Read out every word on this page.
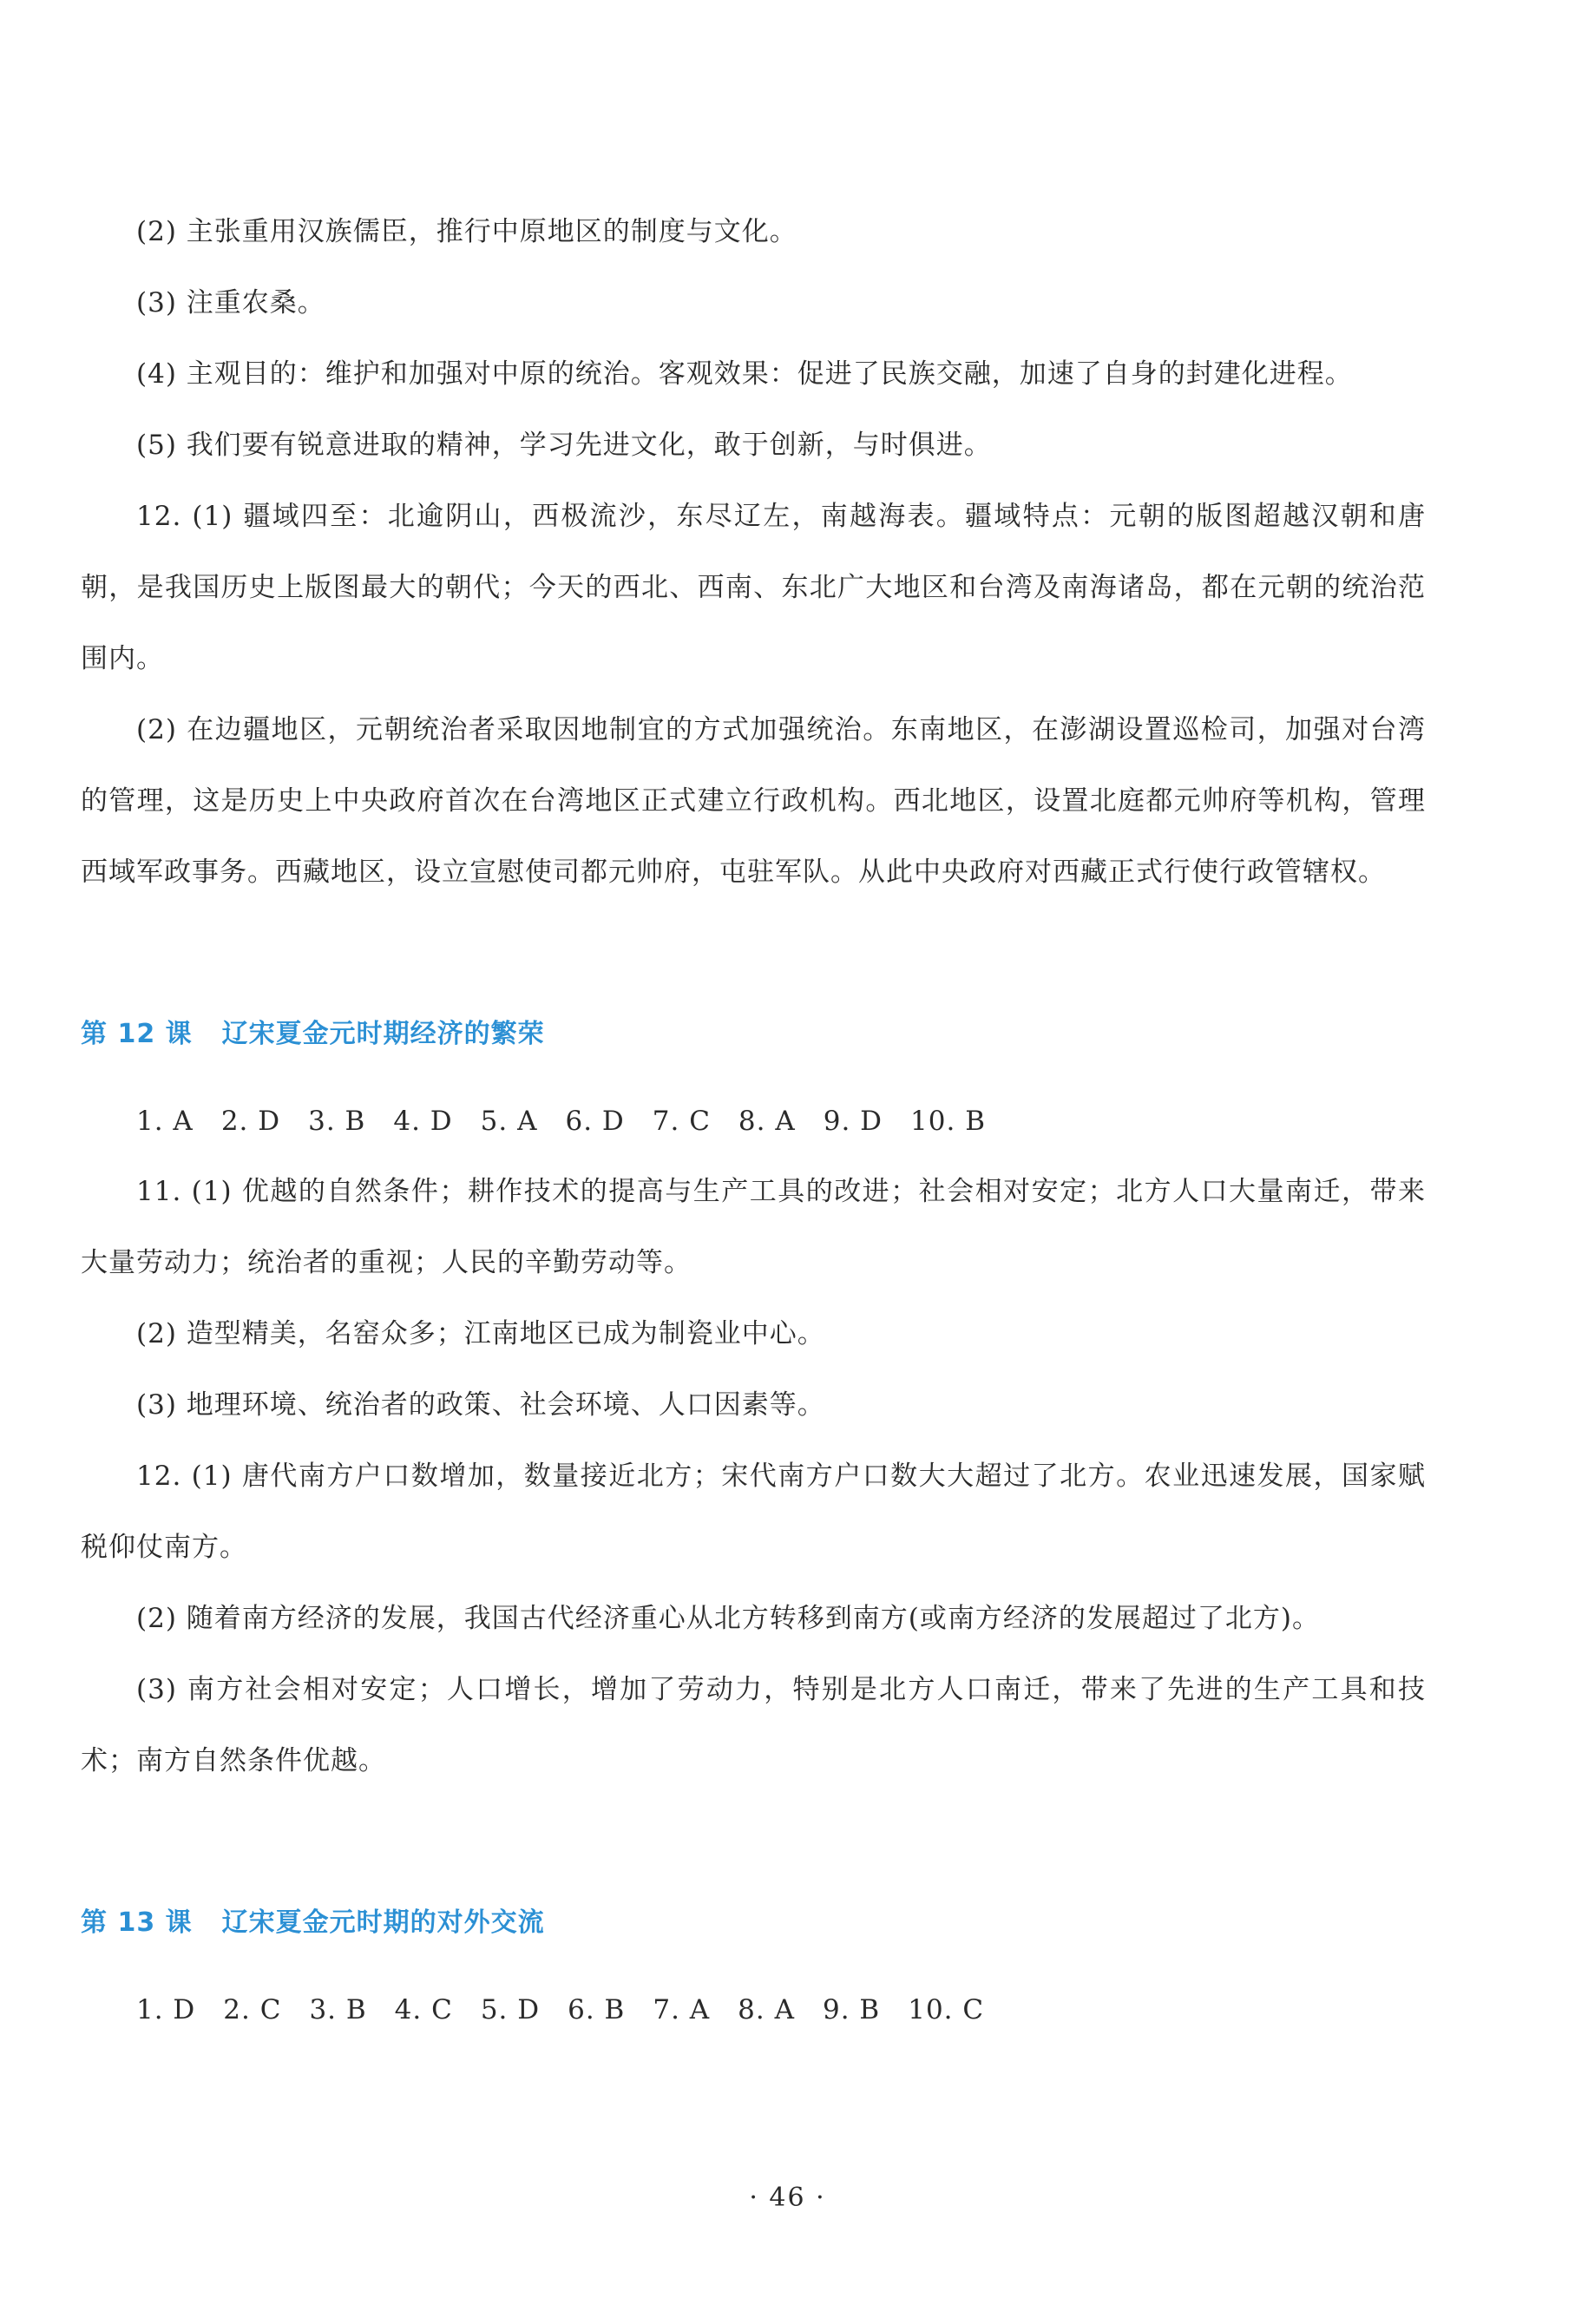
(2) 主张重用汉族儒臣，推行中原地区的制度与文化。

(3) 注重农桑。

(4) 主观目的：维护和加强对中原的统治。客观效果：促进了民族交融，加速了自身的封建化进程。

(5) 我们要有锐意进取的精神，学习先进文化，敢于创新，与时俱进。

12. (1) 疆域四至：北逾阴山，西极流沙，东尽辽左，南越海表。疆域特点：元朝的版图超越汉朝和唐朝，是我国历史上版图最大的朝代；今天的西北、西南、东北广大地区和台湾及南海诸岛，都在元朝的统治范围内。

(2) 在边疆地区，元朝统治者采取因地制宜的方式加强统治。东南地区，在澎湖设置巡检司，加强对台湾的管理，这是历史上中央政府首次在台湾地区正式建立行政机构。西北地区，设置北庭都元帅府等机构，管理西域军政事务。西藏地区，设立宣慰使司都元帅府，屯驻军队。从此中央政府对西藏正式行使行政管辖权。

第 12 课 辽宋夏金元时期经济的繁荣

1. A 2. D 3. B 4. D 5. A 6. D 7. C 8. A 9. D 10. B

11. (1) 优越的自然条件；耕作技术的提高与生产工具的改进；社会相对安定；北方人口大量南迁，带来大量劳动力；统治者的重视；人民的辛勤劳动等。

(2) 造型精美，名窑众多；江南地区已成为制瓷业中心。

(3) 地理环境、统治者的政策、社会环境、人口因素等。

12. (1) 唐代南方户口数增加，数量接近北方；宋代南方户口数大大超过了北方。农业迅速发展，国家赋税仰仗南方。

(2) 随着南方经济的发展，我国古代经济重心从北方转移到南方(或南方经济的发展超过了北方)。

(3) 南方社会相对安定；人口增长，增加了劳动力，特别是北方人口南迁，带来了先进的生产工具和技术；南方自然条件优越。

第 13 课 辽宋夏金元时期的对外交流

1. D 2. C 3. B 4. C 5. D 6. B 7. A 8. A 9. B 10. C

· 46 ·
